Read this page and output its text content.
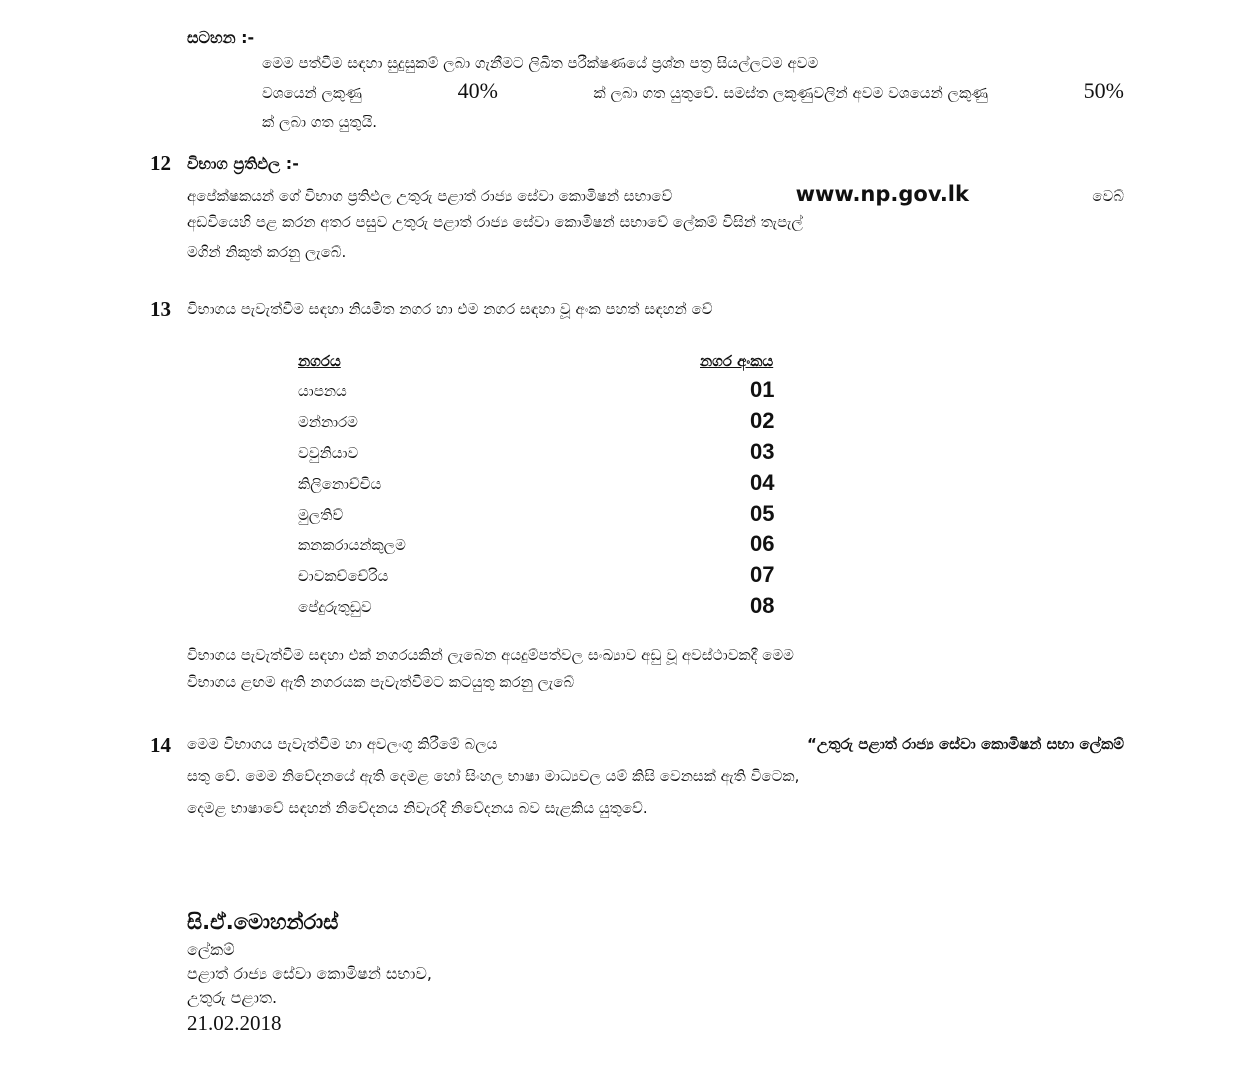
සටහන :-
මෙම පත්වීම සඳහා සුදුසුකම් ලබා ගැනීමට ලිඛිත පරීක්ෂණයේ ප්‍රශ්න පත්‍ර සියල්ලටම අවම
වශයෙන් ලකුණු	40%	ක් ලබා ගත යුතුවේ. සමස්ත ලකුණුවලින් අවම වශයෙන් ලකුණු	50%
ක් ලබා ගත යුතුයි.
12 විභාග ප්‍රතිඵල :-
අපේක්ෂකයන් ගේ විභාග ප්‍රතිඵල උතුරු පළාත් රාජ්‍ය සේවා කොමිෂන් සභාවේ	www.np.gov.lk	වෙබ්
අඩවියෙහි පළ කරන අතර පසුව උතුරු පළාත් රාජ්‍ය සේවා කොමිෂන් සභාවේ ලේකම් විසින් තැපැල්
මගින් නිකුත් කරනු ලැබේ.
13 විභාගය පැවැත්වීම සඳහා නියමිත නගර හා එම නගර සඳහා වූ අංක පහත් සඳහන් වේ
නගරය	නගර අංකය
යාපනය	01
මන්නාරම	02
වවුනියාව	03
කිලිනොච්චිය	04
මුලතිව්	05
කනකරායන්කුලම	06
චාවකච්චේරිය	07
පේදුරුතුඩුව	08
විභාගය පැවැත්වීම සඳහා එක් නගරයකින් ලැබෙන අයදුම්පත්වල සංඛ්‍යාව අඩු වූ අවස්ථාවකදී මෙම
විභාගය ළඟම ඇති නගරයක පැවැත්වීමට කටයුතු කරනු ලැබේ
14 මෙම විභාගය පැවැත්වීම හා අවලංගු කිරීමේ බලය	“උතුරු පළාත් රාජ්‍ය සේවා කොමිෂන් සභා ලේකම්
සතු වේ. මෙම නිවේදනයේ ඇති දෙමළ හෝ සිංහල භාෂා මාධ්‍යවල යම් කිසි වෙනසක් ඇති විටෙක,
දෙමළ භාෂාවේ සඳහන් නිවේදනය නිවැරදි නිවේදනය බව සැළකිය යුතුවේ.
සි.ඒ.මොහන්රාස්
ලේකම්
පළාත් රාජ්‍ය සේවා කොමිෂන් සභාව,
උතුරු පළාත.
21.02.2018
